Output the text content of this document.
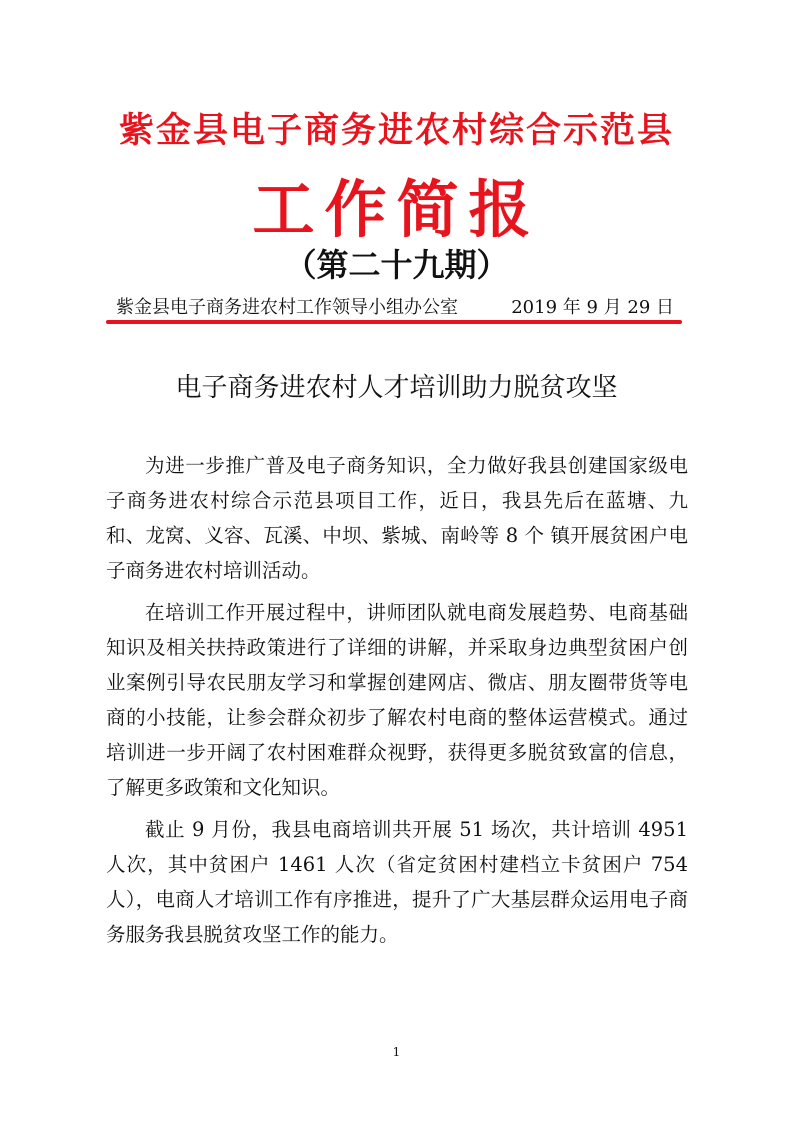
紫金县电子商务进农村综合示范县
工作简报
（第二十九期）
紫金县电子商务进农村工作领导小组办公室	2019 年 9 月 29 日
电子商务进农村人才培训助力脱贫攻坚

为进一步推广普及电子商务知识，全力做好我县创建国家级电子商务进农村综合示范县项目工作，近日，我县先后在蓝塘、九和、龙窝、义容、瓦溪、中坝、紫城、南岭等 8 个 镇开展贫困户电子商务进农村培训活动。

在培训工作开展过程中，讲师团队就电商发展趋势、电商基础知识及相关扶持政策进行了详细的讲解，并采取身边典型贫困户创业案例引导农民朋友学习和掌握创建网店、微店、朋友圈带货等电商的小技能，让参会群众初步了解农村电商的整体运营模式。通过培训进一步开阔了农村困难群众视野，获得更多脱贫致富的信息，了解更多政策和文化知识。

截止 9 月份，我县电商培训共开展 51 场次，共计培训 4951 人次，其中贫困户 1461 人次（省定贫困村建档立卡贫困户 754 人），电商人才培训工作有序推进，提升了广大基层群众运用电子商务服务我县脱贫攻坚工作的能力。

1
